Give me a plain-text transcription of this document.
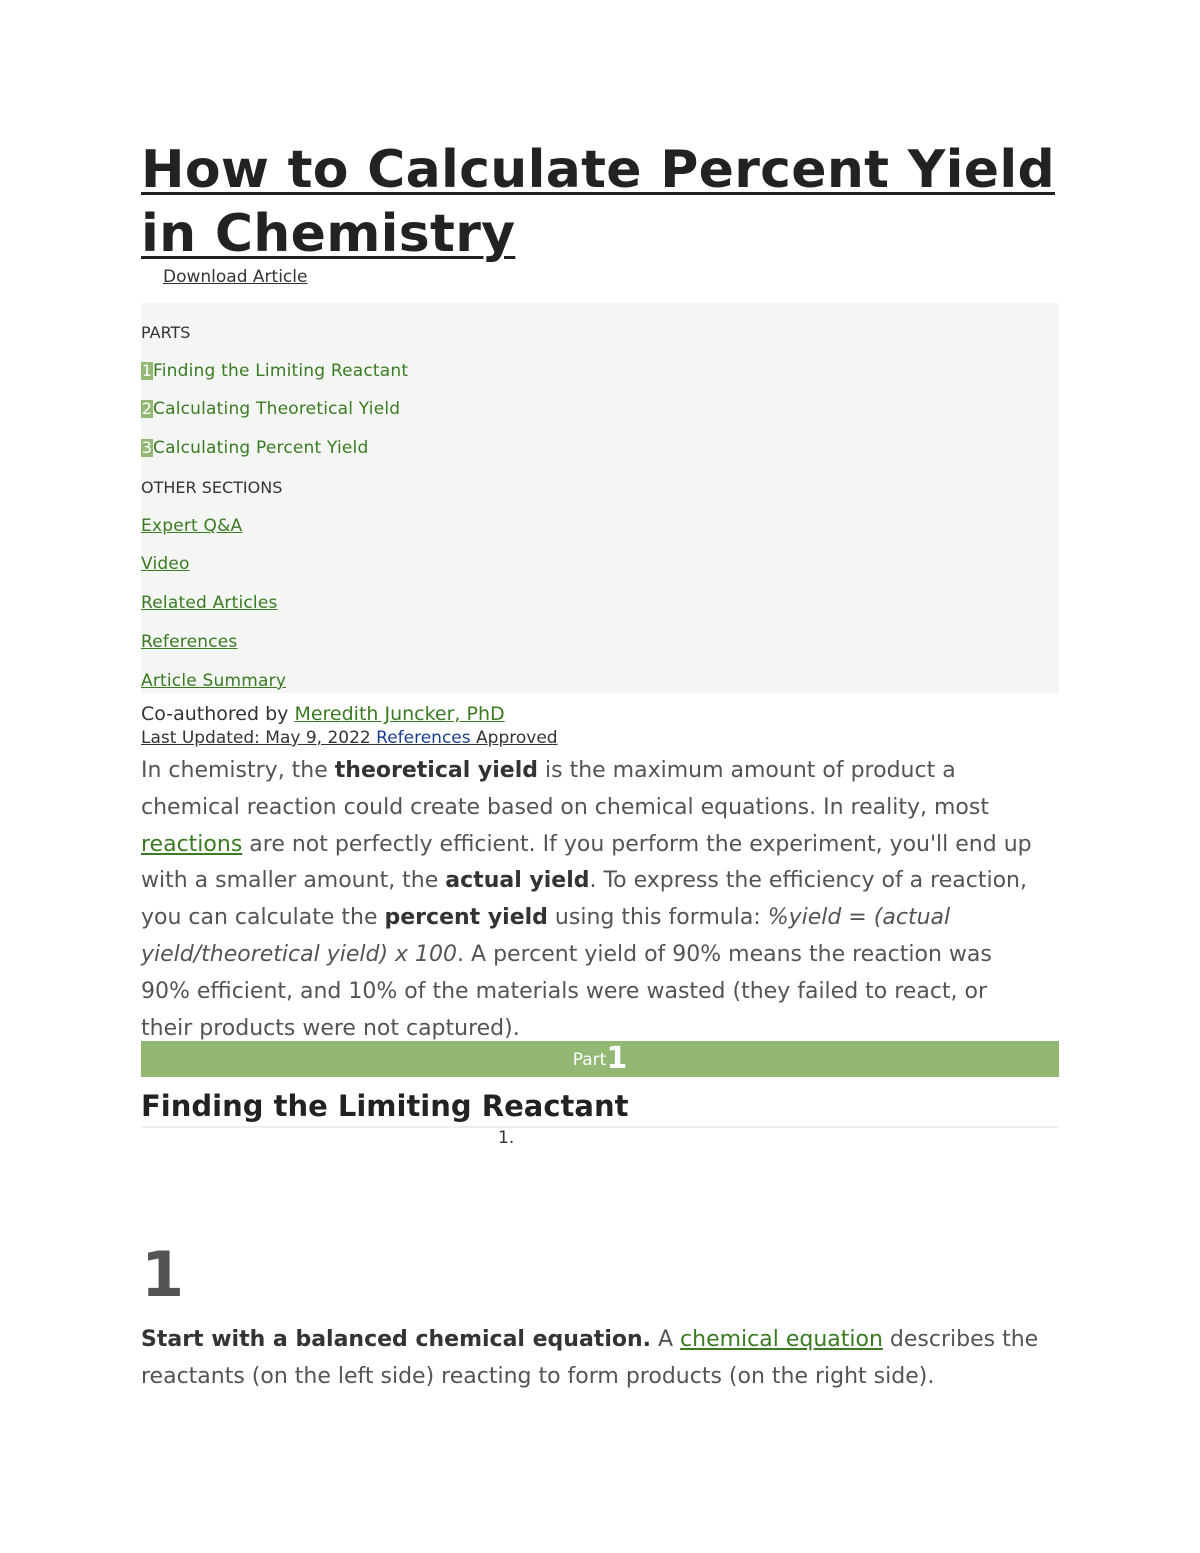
How to Calculate Percent Yield in Chemistry
Download Article
PARTS
1Finding the Limiting Reactant
2Calculating Theoretical Yield
3Calculating Percent Yield
OTHER SECTIONS
Expert Q&A
Video
Related Articles
References
Article Summary
Co-authored by Meredith Juncker, PhD
Last Updated: May 9, 2022 References Approved

In chemistry, the theoretical yield is the maximum amount of product a chemical reaction could create based on chemical equations. In reality, most reactions are not perfectly efficient. If you perform the experiment, you'll end up with a smaller amount, the actual yield. To express the efficiency of a reaction, you can calculate the percent yield using this formula: %yield = (actual yield/theoretical yield) x 100. A percent yield of 90% means the reaction was 90% efficient, and 10% of the materials were wasted (they failed to react, or their products were not captured).

Part1
Finding the Limiting Reactant
1.
1

Start with a balanced chemical equation. A chemical equation describes the reactants (on the left side) reacting to form products (on the right side).
